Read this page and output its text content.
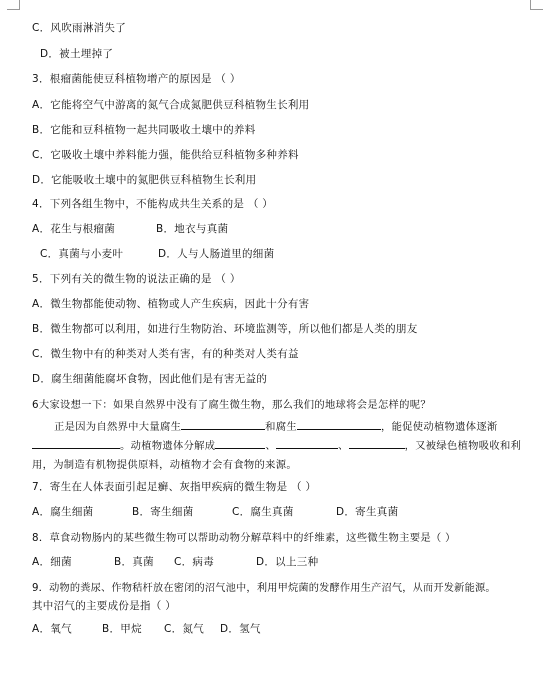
C．风吹雨淋消失了
D．被土埋掉了
3．根瘤菌能使豆科植物增产的原因是 （ ）
A．它能将空气中游离的氮气合成氮肥供豆科植物生长利用
B．它能和豆科植物一起共同吸收土壤中的养料
C．它吸收土壤中养料能力强，能供给豆科植物多种养料
D．它能吸收土壤中的氮肥供豆科植物生长利用
4．下列各组生物中，不能构成共生关系的是 （ ）
A．花生与根瘤菌	B．地衣与真菌
C．真菌与小麦叶	D．人与人肠道里的细菌
5．下列有关的微生物的说法正确的是 （ ）
A．微生物都能使动物、植物或人产生疾病，因此十分有害
B．微生物都可以利用，如进行生物防治、环境监测等，所以他们都是人类的朋友
C．微生物中有的种类对人类有害，有的种类对人类有益
D．腐生细菌能腐坏食物，因此他们是有害无益的
6大家设想一下：如果自然界中没有了腐生微生物，那么我们的地球将会是怎样的呢？
正是因为自然界中大量腐生	和腐生	，能促使动植物遗体逐渐。动植物遗体分解成	、	、	，又被绿色植物吸收和利用，为制造有机物提供原料，动植物才会有食物的来源。
7．寄生在人体表面引起足癣、灰指甲疾病的微生物是 （ ）
A．腐生细菌	B．寄生细菌	C．腐生真菌	D．寄生真菌
8．草食动物肠内的某些微生物可以帮助动物分解草料中的纤维素，这些微生物主要是（ ）
A．细菌	B．真菌 C．病毒	D．以上三种
9．动物的粪尿、作物秸杆放在密闭的沼气池中，利用甲烷菌的发酵作用生产沼气，从而开发新能源。
其中沼气的主要成份是指（ ）
A．氧气	B．甲烷 C．氮气 D．氢气
